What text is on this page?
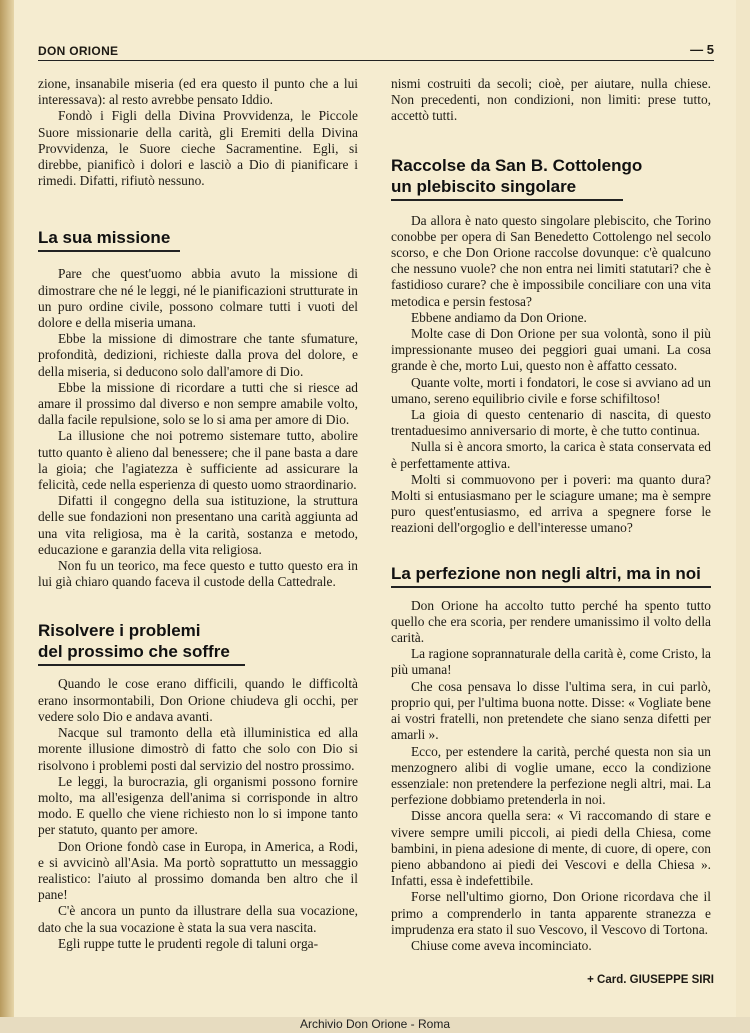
DON ORIONE	— 5

zione, insanabile miseria (ed era questo il punto che a lui interessava): al resto avrebbe pensato Iddio.

Fondò i Figli della Divina Provvidenza, le Piccole Suore missionarie della carità, gli Eremiti della Divina Provvidenza, le Suore cieche Sacramentine. Egli, si direbbe, pianificò i dolori e lasciò a Dio di pianificare i rimedi. Difatti, rifiutò nessuno.

La sua missione

Pare che quest'uomo abbia avuto la missione di dimostrare che né le leggi, né le pianificazioni strutturate in un puro ordine civile, possono colmare tutti i vuoti del dolore e della miseria umana.

Ebbe la missione di dimostrare che tante sfumature, profondità, dedizioni, richieste dalla prova del dolore, e della miseria, si deducono solo dall'amore di Dio.

Ebbe la missione di ricordare a tutti che si riesce ad amare il prossimo dal diverso e non sempre amabile volto, dalla facile repulsione, solo se lo si ama per amore di Dio.

La illusione che noi potremo sistemare tutto, abolire tutto quanto è alieno dal benessere; che il pane basta a dare la gioia; che l'agiatezza è sufficiente ad assicurare la felicità, cede nella esperienza di questo uomo straordinario.

Difatti il congegno della sua istituzione, la struttura delle sue fondazioni non presentano una carità aggiunta ad una vita religiosa, ma è la carità, sostanza e metodo, educazione e garanzia della vita religiosa.

Non fu un teorico, ma fece questo e tutto questo era in lui già chiaro quando faceva il custode della Cattedrale.

Risolvere i problemi
del prossimo che soffre

Quando le cose erano difficili, quando le difficoltà erano insormontabili, Don Orione chiudeva gli occhi, per vedere solo Dio e andava avanti.

Nacque sul tramonto della età illuministica ed alla morente illusione dimostrò di fatto che solo con Dio si risolvono i problemi posti dal servizio del nostro prossimo.

Le leggi, la burocrazia, gli organismi possono fornire molto, ma all'esigenza dell'anima si corrisponde in altro modo. E quello che viene richiesto non lo si impone tanto per statuto, quanto per amore.

Don Orione fondò case in Europa, in America, a Rodi, e si avvicinò all'Asia. Ma portò soprattutto un messaggio realistico: l'aiuto al prossimo domanda ben altro che il pane!

C'è ancora un punto da illustrare della sua vocazione, dato che la sua vocazione è stata la sua vera nascita.

Egli ruppe tutte le prudenti regole di taluni orga-

nismi costruiti da secoli; cioè, per aiutare, nulla chiese. Non precedenti, non condizioni, non limiti: prese tutto, accettò tutti.

Raccolse da San B. Cottolengo
un plebiscito singolare

Da allora è nato questo singolare plebiscito, che Torino conobbe per opera di San Benedetto Cottolengo nel secolo scorso, e che Don Orione raccolse dovunque: c'è qualcuno che nessuno vuole? che non entra nei limiti statutari? che è fastidioso curare? che è impossibile conciliare con una vita metodica e persin festosa?

Ebbene andiamo da Don Orione.

Molte case di Don Orione per sua volontà, sono il più impressionante museo dei peggiori guai umani. La cosa grande è che, morto Lui, questo non è affatto cessato.

Quante volte, morti i fondatori, le cose si avviano ad un umano, sereno equilibrio civile e forse schifiltoso!

La gioia di questo centenario di nascita, di questo trentaduesimo anniversario di morte, è che tutto continua.

Nulla si è ancora smorto, la carica è stata conservata ed è perfettamente attiva.

Molti si commuovono per i poveri: ma quanto dura? Molti si entusiasmano per le sciagure umane; ma è sempre puro quest'entusiasmo, ed arriva a spegnere forse le reazioni dell'orgoglio e dell'interesse umano?

La perfezione non negli altri, ma in noi

Don Orione ha accolto tutto perché ha spento tutto quello che era scoria, per rendere umanissimo il volto della carità.

La ragione soprannaturale della carità è, come Cristo, la più umana!

Che cosa pensava lo disse l'ultima sera, in cui parlò, proprio qui, per l'ultima buona notte. Disse: « Vogliate bene ai vostri fratelli, non pretendete che siano senza difetti per amarli ».

Ecco, per estendere la carità, perché questa non sia un menzognero alibi di voglie umane, ecco la condizione essenziale: non pretendere la perfezione negli altri, mai. La perfezione dobbiamo pretenderla in noi.

Disse ancora quella sera: « Vi raccomando di stare e vivere sempre umili piccoli, ai piedi della Chiesa, come bambini, in piena adesione di mente, di cuore, di opere, con pieno abbandono ai piedi dei Vescovi e della Chiesa ». Infatti, essa è indefettibile.

Forse nell'ultimo giorno, Don Orione ricordava che il primo a comprenderlo in tanta apparente stranezza e imprudenza era stato il suo Vescovo, il Vescovo di Tortona.

Chiuse come aveva incominciato.

+ Card. GIUSEPPE SIRI
Archivio Don Orione - Roma
